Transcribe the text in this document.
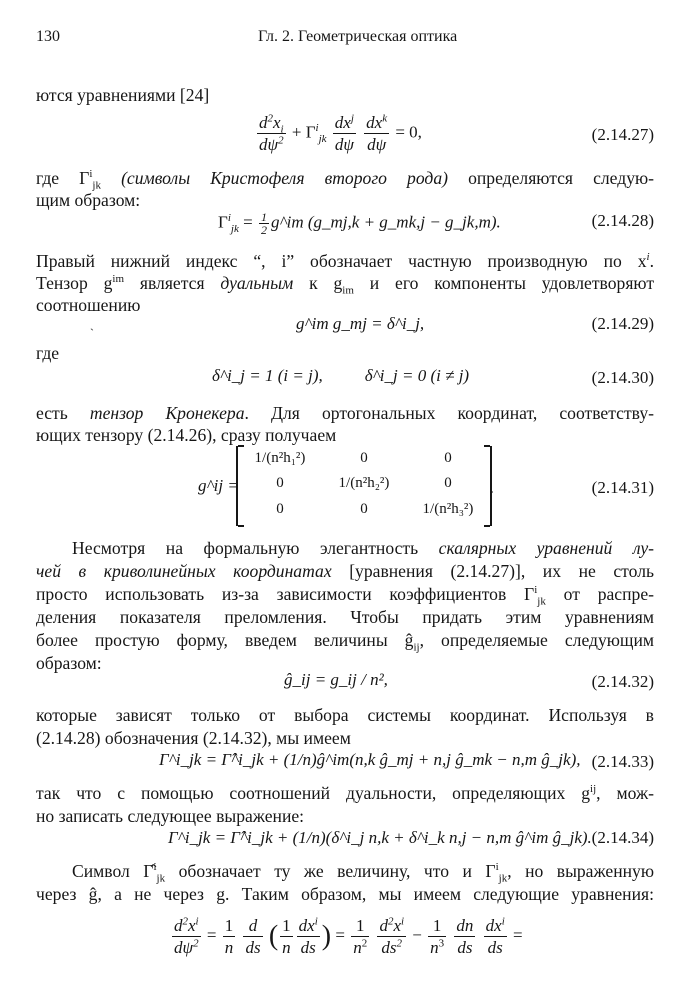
130	Гл. 2. Геометрическая оптика

ются уравнениями [24]

$\frac{d^2x_i}{d\psi^2} + \Gamma^i_{jk} \frac{dx^j}{d\psi}$
$\frac{dx^k}{d\psi} = 0$,	(2.14.27)

где $\Gamma^i_{jk}$ (символы Кристофеля второго рода) определяются следую-

щим образом:

$\Gamma^i_{jk} = \frac{1}{2}$ g^im (g_mj,k + g_mk,j − g_jk,m).	(2.14.28)

Правый нижний индекс “, i” обозначает частную производную по $x^i$.

Тензор $g^{im}$ является дуальным к $g_{im}$ и его компоненты удовлетворяют

соотношению

g^im g_mj = δ^i_j,	(2.14.29)
ˋ

где

δ^i_j = 1 (i = j), δ^i_j = 0 (i ≠ j)	(2.14.30)

есть тензор Кронекера. Для ортогональных координат, соответству-

ющих тензору (2.14.26), сразу получаем

g^ij =
1/(n²h₁²)	0	0
0	1/(n²h₂²)	0
0	0	1/(n²h₃²)
.	(2.14.31)

Несмотря на формальную элегантность скалярных уравнений лу-

чей в криволинейных координатах [уравнения (2.14.27)], их не столь

просто использовать из-за зависимости коэффициентов $\Gamma^i_{jk}$ от распре-

деления показателя преломления. Чтобы придать этим уравнениям

более простую форму, введем величины $ĝ_{ij}$, определяемые следующим

образом:

ĝ_ij = g_ij / n²,	(2.14.32)

которые зависят только от выбора системы координат. Используя в

(2.14.28) обозначения (2.14.32), мы имеем

Γ^i_jk = Γ̂^i_jk + (1/n)ĝ^im(n,k ĝ_mj + n,j ĝ_mk − n,m ĝ_jk), (2.14.33)

так что с помощью соотношений дуальности, определяющих $g^{ij}$, мож-

но записать следующее выражение:

Γ^i_jk = Γ̂^i_jk + (1/n)(δ^i_j n,k + δ^i_k n,j − n,m ĝ^im ĝ_jk). (2.14.34)

Символ Γ̂$^i_{jk}$ обозначает ту же величину, что и $\Gamma^i_{jk}$, но выраженную

через ĝ, а не через g. Таким образом, мы имеем следующие уравнения:

$\frac{d^2x^i}{d\psi^2} = \frac{1}{n}$
$\frac{d}{ds}$ ( $\frac{1}{n} \frac{dx^i}{ds}$ ) = $\frac{1}{n^2}$
$\frac{d^2x^i}{ds^2} - \frac{1}{n^3}$
$\frac{dn}{ds}$
$\frac{dx^i}{ds}$ =
